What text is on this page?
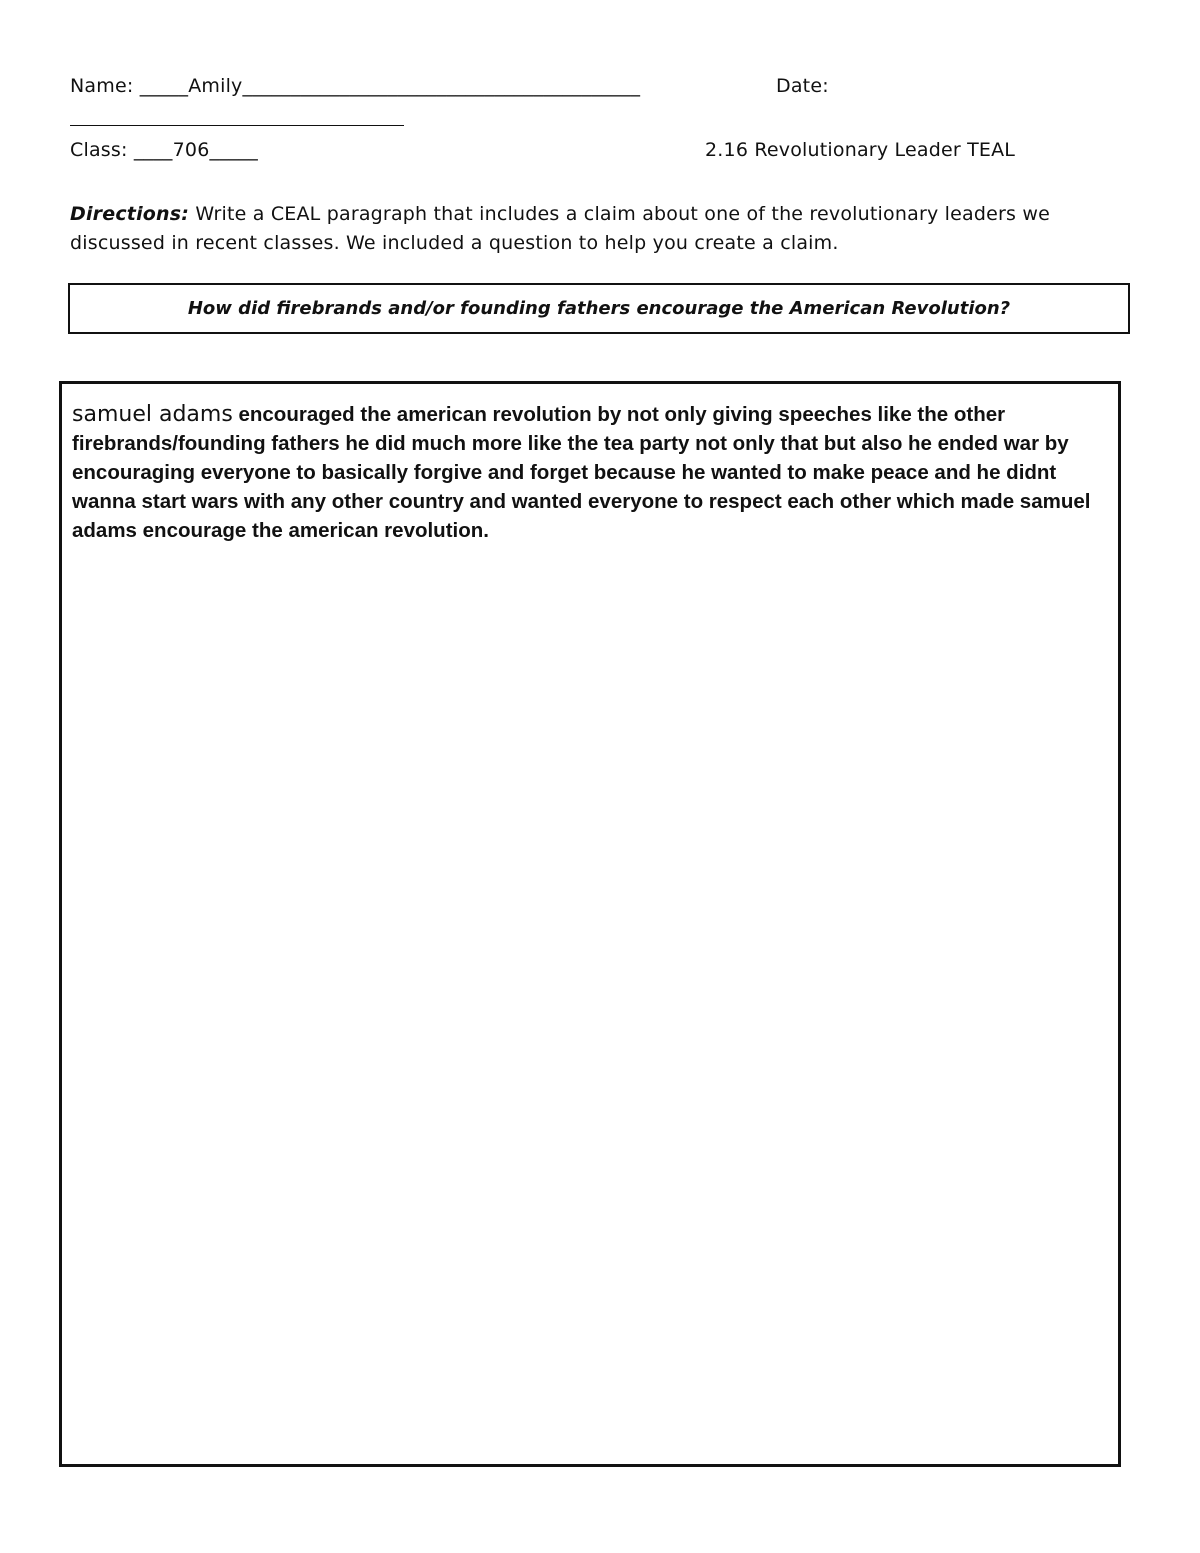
Name: _____Amily_________________________________________	Date:
Class: ____706_____	2.16 Revolutionary Leader TEAL
Directions: Write a CEAL paragraph that includes a claim about one of the revolutionary leaders we discussed in recent classes. We included a question to help you create a claim.
How did firebrands and/or founding fathers encourage the American Revolution?
samuel adams encouraged the american revolution by not only giving speeches like the other firebrands/founding fathers he did much more like the tea party not only that but also he ended war by encouraging everyone to basically forgive and forget because he wanted to make peace and he didnt wanna start wars with any other country and wanted everyone to respect each other which made samuel adams encourage the american revolution.
